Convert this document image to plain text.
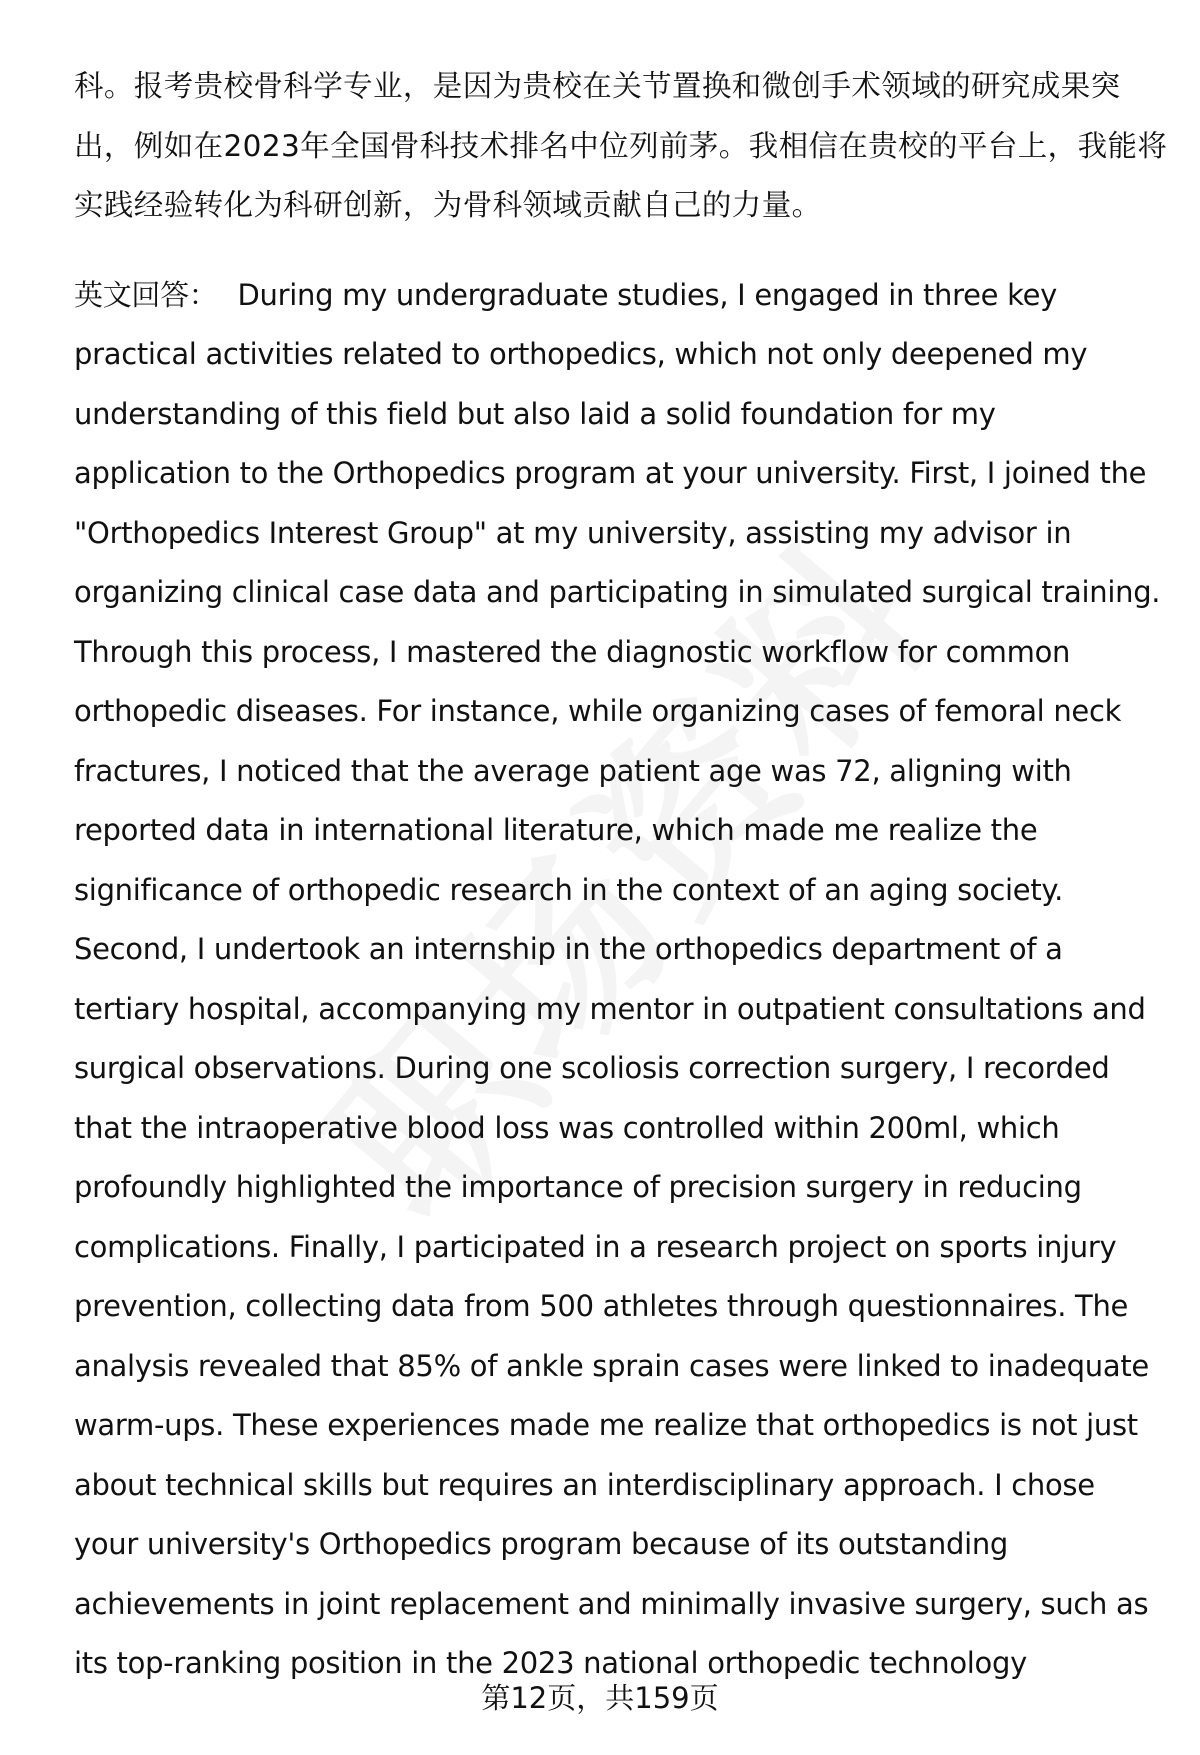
科。报考贵校骨科学专业，是因为贵校在关节置换和微创手术领域的研究成果突
出，例如在2023年全国骨科技术排名中位列前茅。我相信在贵校的平台上，我能将
实践经验转化为科研创新，为骨科领域贡献自己的力量。
英文回答： During my undergraduate studies, I engaged in three key
practical activities related to orthopedics, which not only deepened my
understanding of this field but also laid a solid foundation for my
application to the Orthopedics program at your university. First, I joined the
"Orthopedics Interest Group" at my university, assisting my advisor in
organizing clinical case data and participating in simulated surgical training.
Through this process, I mastered the diagnostic workflow for common
orthopedic diseases. For instance, while organizing cases of femoral neck
fractures, I noticed that the average patient age was 72, aligning with
reported data in international literature, which made me realize the
significance of orthopedic research in the context of an aging society.
Second, I undertook an internship in the orthopedics department of a
tertiary hospital, accompanying my mentor in outpatient consultations and
surgical observations. During one scoliosis correction surgery, I recorded
that the intraoperative blood loss was controlled within 200ml, which
profoundly highlighted the importance of precision surgery in reducing
complications. Finally, I participated in a research project on sports injury
prevention, collecting data from 500 athletes through questionnaires. The
analysis revealed that 85% of ankle sprain cases were linked to inadequate
warm-ups. These experiences made me realize that orthopedics is not just
about technical skills but requires an interdisciplinary approach. I chose
your university's Orthopedics program because of its outstanding
achievements in joint replacement and minimally invasive surgery, such as
its top-ranking position in the 2023 national orthopedic technology
第12页，共159页
